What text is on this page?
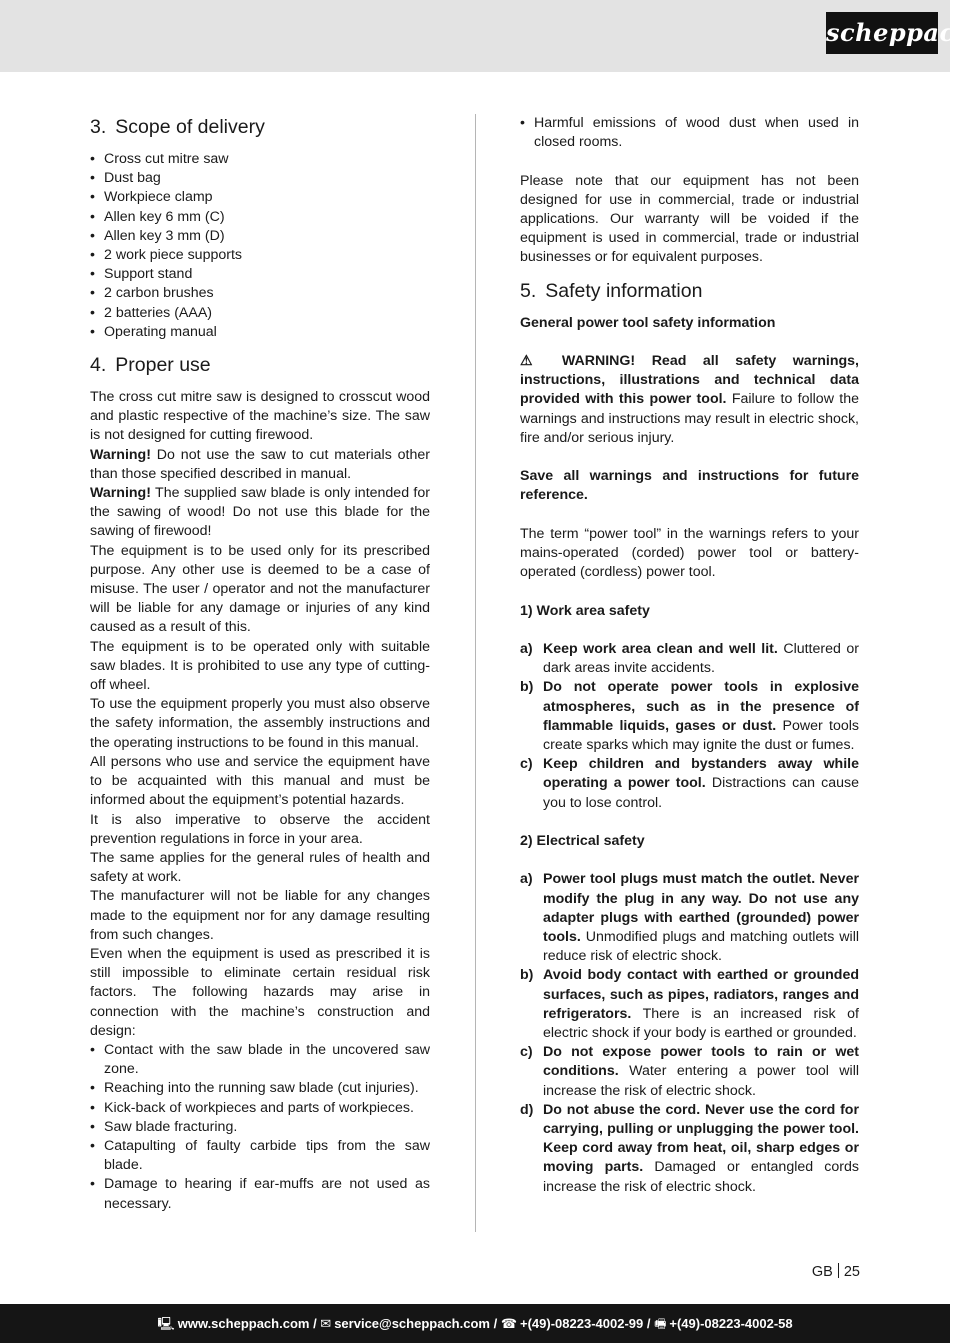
scheppach
3. Scope of delivery
• Cross cut mitre saw
• Dust bag
• Workpiece clamp
• Allen key 6 mm (C)
• Allen key 3 mm (D)
• 2 work piece supports
• Support stand
• 2 carbon brushes
• 2 batteries (AAA)
• Operating manual
4. Proper use

The cross cut mitre saw is designed to crosscut wood and plastic respective of the machine’s size. The saw is not designed for cutting firewood.

Warning! Do not use the saw to cut materials other than those specified described in manual.

Warning! The supplied saw blade is only intended for the sawing of wood! Do not use this blade for the sawing of firewood!

The equipment is to be used only for its prescribed purpose. Any other use is deemed to be a case of misuse. The user / operator and not the manufacturer will be liable for any damage or injuries of any kind caused as a result of this.

The equipment is to be operated only with suitable saw blades. It is prohibited to use any type of cutting-off wheel.

To use the equipment properly you must also observe the safety information, the assembly instructions and the operating instructions to be found in this manual.

All persons who use and service the equipment have to be acquainted with this manual and must be informed about the equipment’s potential hazards.

It is also imperative to observe the accident prevention regulations in force in your area.

The same applies for the general rules of health and safety at work.

The manufacturer will not be liable for any changes made to the equipment nor for any damage resulting from such changes.

Even when the equipment is used as prescribed it is still impossible to eliminate certain residual risk factors. The following hazards may arise in connection with the machine’s construction and design:

• Contact with the saw blade in the uncovered saw zone.
• Reaching into the running saw blade (cut injuries).
• Kick-back of workpieces and parts of workpieces.
• Saw blade fracturing.
• Catapulting of faulty carbide tips from the saw blade.
• Damage to hearing if ear-muffs are not used as necessary.
• Harmful emissions of wood dust when used in closed rooms.

Please note that our equipment has not been designed for use in commercial, trade or industrial applications. Our warranty will be voided if the equipment is used in commercial, trade or industrial businesses or for equivalent purposes.

5. Safety information

General power tool safety information

⚠ WARNING! Read all safety warnings, instructions, illustrations and technical data provided with this power tool. Failure to follow the warnings and instructions may result in electric shock, fire and/or serious injury.

Save all warnings and instructions for future reference.

The term “power tool” in the warnings refers to your mains-operated (corded) power tool or battery-operated (cordless) power tool.

1) Work area safety

a) Keep work area clean and well lit. Cluttered or dark areas invite accidents.
b) Do not operate power tools in explosive atmospheres, such as in the presence of flammable liquids, gases or dust. Power tools create sparks which may ignite the dust or fumes.
c) Keep children and bystanders away while operating a power tool. Distractions can cause you to lose control.

2) Electrical safety

a) Power tool plugs must match the outlet. Never modify the plug in any way. Do not use any adapter plugs with earthed (grounded) power tools. Unmodified plugs and matching outlets will reduce risk of electric shock.
b) Avoid body contact with earthed or grounded surfaces, such as pipes, radiators, ranges and refrigerators. There is an increased risk of electric shock if your body is earthed or grounded.
c) Do not expose power tools to rain or wet conditions. Water entering a power tool will increase the risk of electric shock.
d) Do not abuse the cord. Never use the cord for carrying, pulling or unplugging the power tool. Keep cord away from heat, oil, sharp edges or moving parts. Damaged or entangled cords increase the risk of electric shock.
GB 25
🖳 www.scheppach.com / ✉ service@scheppach.com / ☎ +(49)-08223-4002-99 / 🖷 +(49)-08223-4002-58
